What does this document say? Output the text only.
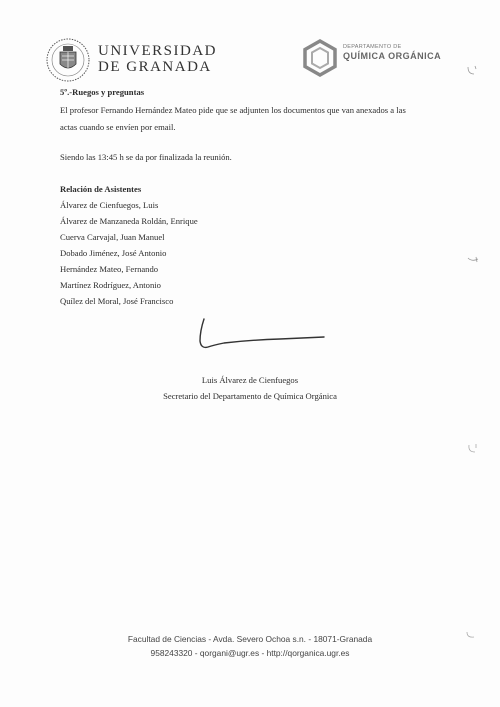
UNIVERSIDAD
DE GRANADA
DEPARTAMENTO DE
QUÍMICA ORGÁNICA
5º.-Ruegos y preguntas
El profesor Fernando Hernández Mateo pide que se adjunten los documentos que van anexados a las
actas cuando se envíen por email.
Siendo las 13:45 h se da por finalizada la reunión.
Relación de Asistentes
Álvarez de Cienfuegos, Luis
Álvarez de Manzaneda Roldán, Enrique
Cuerva Carvajal, Juan Manuel
Dobado Jiménez, José Antonio
Hernández Mateo, Fernando
Martínez Rodríguez, Antonio
Quílez del Moral, José Francisco
Luis Álvarez de Cienfuegos
Secretario del Departamento de Química Orgánica
Facultad de Ciencias - Avda. Severo Ochoa s.n. - 18071-Granada
958243320 - qorgani@ugr.es - http://qorganica.ugr.es
